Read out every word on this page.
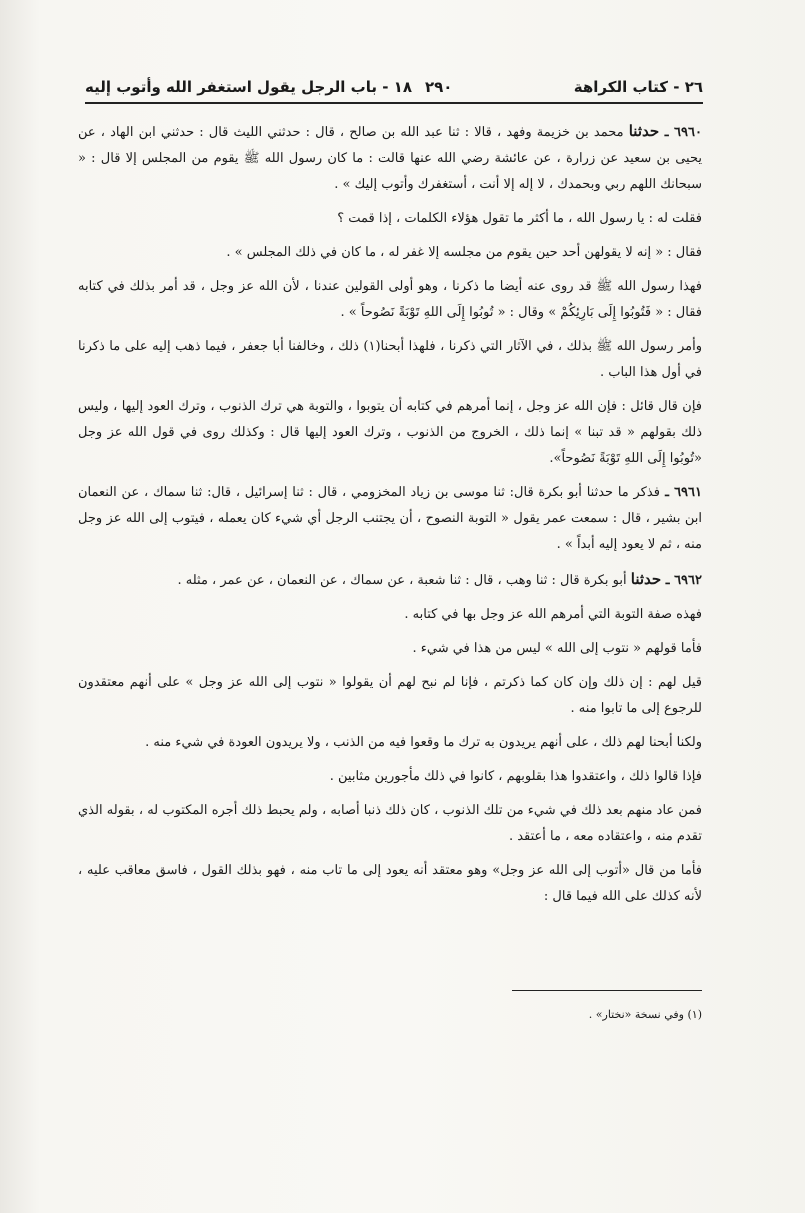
٢٦ - كتاب الكراهة
٢٩٠
١٨ - باب الرجل يقول استغفر الله وأتوب إليه

٦٩٦٠ ـ حدثنا محمد بن خزيمة وفهد ، قالا : ثنا عبد الله بن صالح ، قال : حدثني الليث قال : حدثني ابن الهاد ، عن يحيى بن سعيد عن زرارة ، عن عائشة رضي الله عنها قالت : ما كان رسول الله ﷺ يقوم من المجلس إلا قال : « سبحانك اللهم ربي وبحمدك ، لا إله إلا أنت ، أستغفرك وأتوب إليك » .

فقلت له : يا رسول الله ، ما أكثر ما تقول هؤلاء الكلمات ، إذا قمت ؟

فقال : « إنه لا يقولهن أحد حين يقوم من مجلسه إلا غفر له ، ما كان في ذلك المجلس » .

فهذا رسول الله ﷺ قد روى عنه أيضا ما ذكرنا ، وهو أولى القولين عندنا ، لأن الله عز وجل ، قد أمر بذلك في كتابه فقال : « فَتُوبُوا إِلَى بَارِئِكُمْ » وقال : « تُوبُوا إِلَى اللهِ تَوْبَةً نَصُوحاً » .

وأمر رسول الله ﷺ بذلك ، في الآثار التي ذكرنا ، فلهذا أبحنا(١) ذلك ، وخالفنا أبا جعفر ، فيما ذهب إليه على ما ذكرنا في أول هذا الباب .

فإن قال قائل : فإن الله عز وجل ، إنما أمرهم في كتابه أن يتوبوا ، والتوبة هي ترك الذنوب ، وترك العود إليها ، وليس ذلك بقولهم « قد تبنا » إنما ذلك ، الخروج من الذنوب ، وترك العود إليها قال : وكذلك روى في قول الله عز وجل «تُوبُوا إِلَى اللهِ تَوْبَةً نَصُوحاً».

٦٩٦١ ـ فذكر ما حدثنا أبو بكرة قال: ثنا موسى بن زياد المخزومي ، قال : ثنا إسرائيل ، قال: ثنا سماك ، عن النعمان ابن بشير ، قال : سمعت عمر يقول « التوبة النصوح ، أن يجتنب الرجل أي شيء كان يعمله ، فيتوب إلى الله عز وجل منه ، ثم لا يعود إليه أبداً » .

٦٩٦٢ ـ حدثنا أبو بكرة قال : ثنا وهب ، قال : ثنا شعبة ، عن سماك ، عن النعمان ، عن عمر ، مثله .

فهذه صفة التوبة التي أمرهم الله عز وجل بها في كتابه .

فأما قولهم « نتوب إلى الله » ليس من هذا في شيء .

قيل لهم : إن ذلك وإن كان كما ذكرتم ، فإنا لم نبح لهم أن يقولوا « نتوب إلى الله عز وجل » على أنهم معتقدون للرجوع إلى ما تابوا منه .

ولكنا أبحنا لهم ذلك ، على أنهم يريدون به ترك ما وقعوا فيه من الذنب ، ولا يريدون العودة في شيء منه .

فإذا قالوا ذلك ، واعتقدوا هذا بقلوبهم ، كانوا في ذلك مأجورين مثابين .

فمن عاد منهم بعد ذلك في شيء من تلك الذنوب ، كان ذلك ذنبا أصابه ، ولم يحبط ذلك أجره المكتوب له ، بقوله الذي تقدم منه ، واعتقاده معه ، ما أعتقد .

فأما من قال «أتوب إلى الله عز وجل» وهو معتقد أنه يعود إلى ما تاب منه ، فهو بذلك القول ، فاسق معاقب عليه ، لأنه كذلك على الله فيما قال :

(١) وفي نسخة «نختار» .
